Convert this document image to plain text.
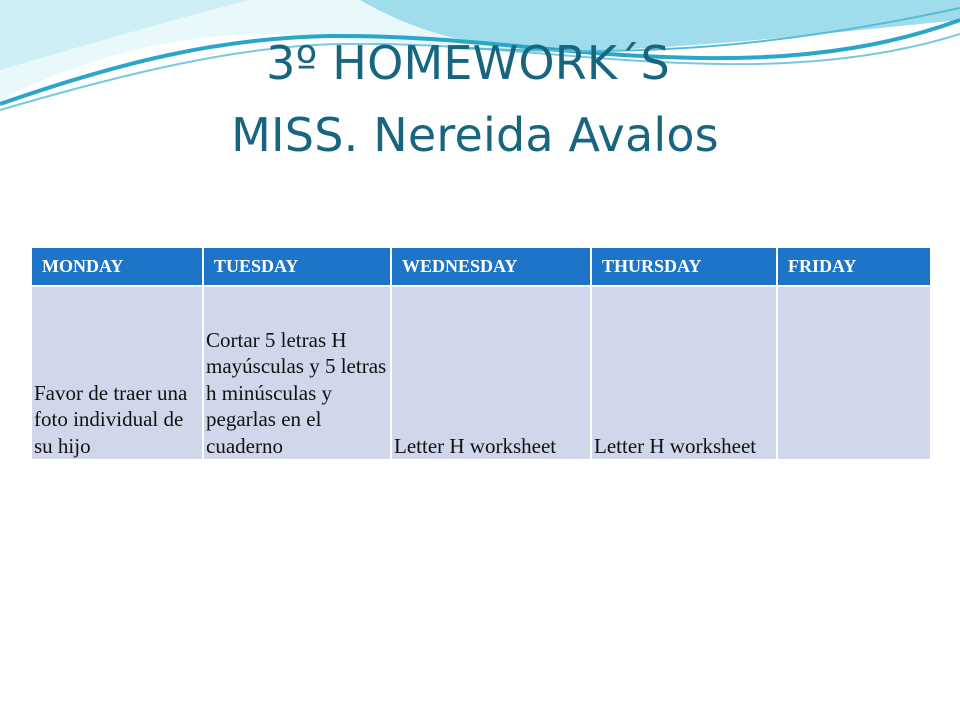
3º HOMEWORK´S
MISS. Nereida Avalos
MONDAY	TUESDAY	WEDNESDAY	THURSDAY	FRIDAY

Favor de traer una foto individual de su hijo	Cortar 5 letras H mayúsculas y 5 letras h minúsculas y pegarlas en el cuaderno	Letter H worksheet	Letter H worksheet	
